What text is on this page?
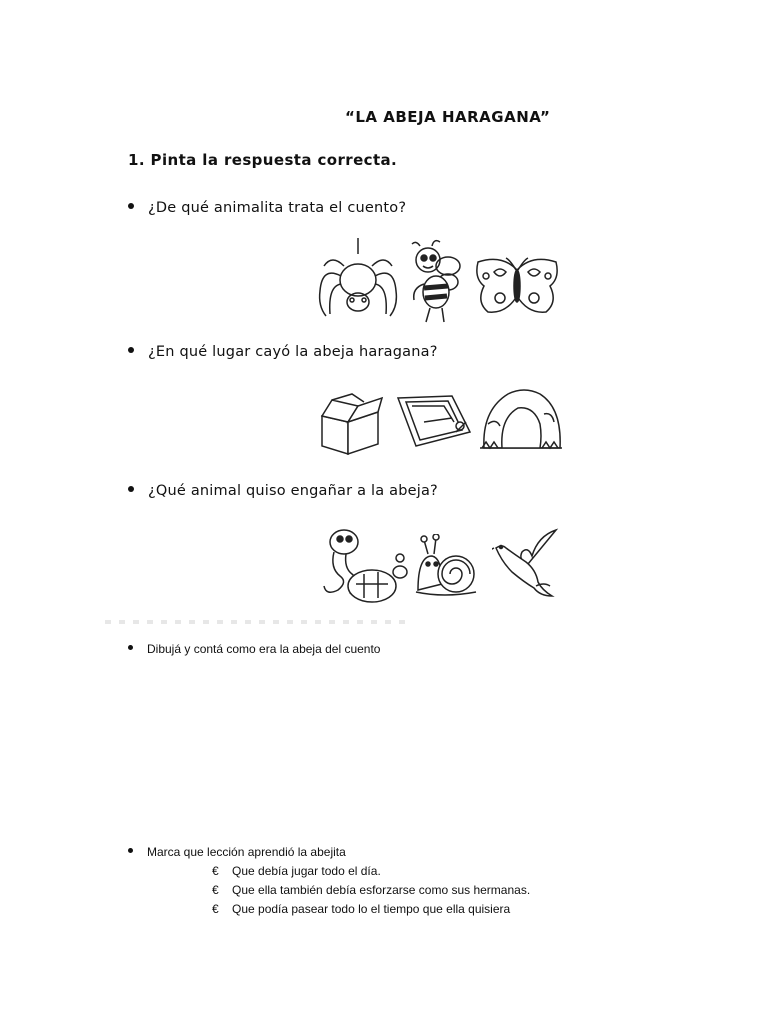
“LA ABEJA HARAGANA”
1. Pinta la respuesta correcta.
¿De qué animalita trata el cuento?
¿En qué lugar cayó la abeja haragana?
¿Qué animal quiso engañar a la abeja?
Dibujá y contá como era la abeja del cuento
Marca que lección aprendió la abejita
€ Que debía jugar todo el día.
€ Que ella también debía esforzarse como sus hermanas.
€ Que podía pasear todo lo el tiempo que ella quisiera
